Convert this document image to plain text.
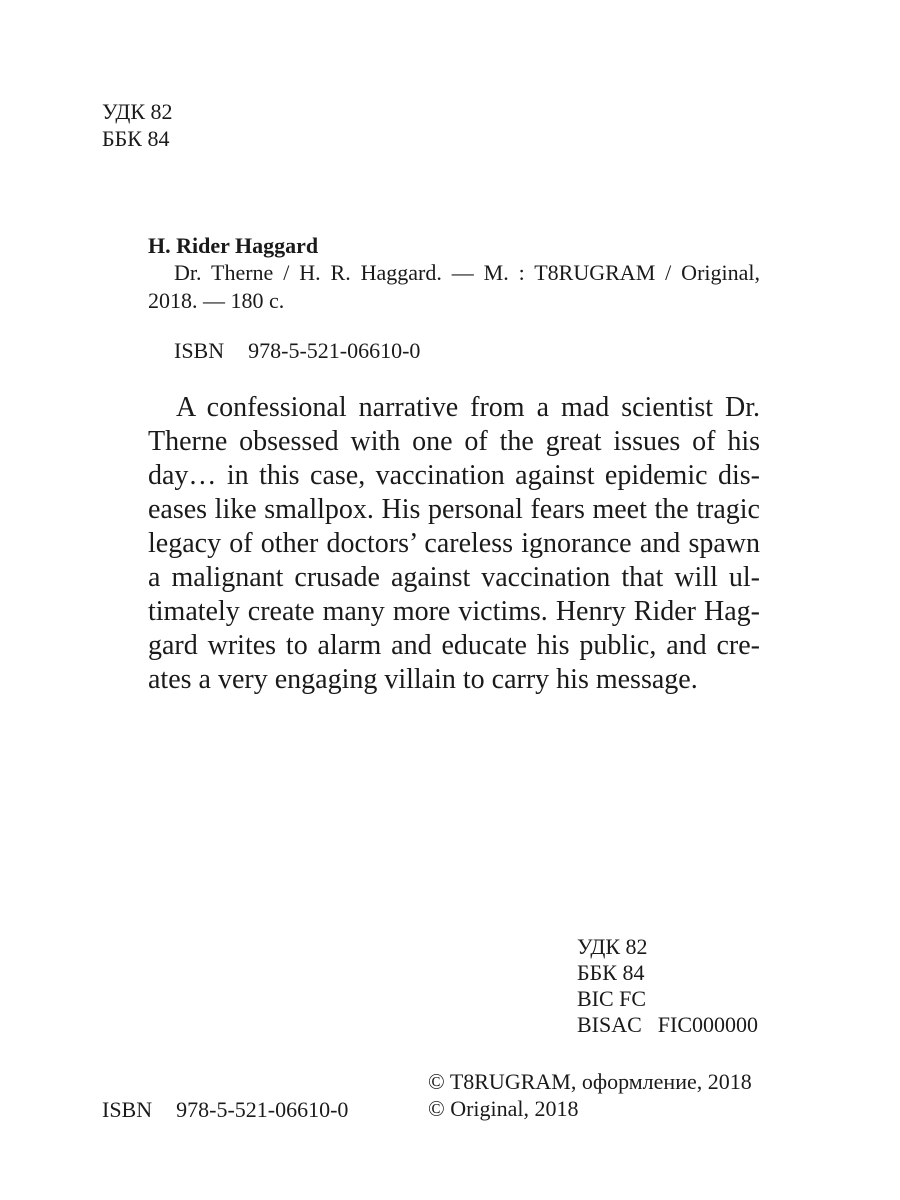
УДК 82
ББК 84

H. Rider Haggard

Dr. Therne / H. R. Haggard. — M. : T8RUGRAM / Original, 2018. — 180 c.

ISBN 978-5-521-06610-0

A confessional narrative from a mad scientist Dr. Therne obsessed with one of the great issues of his day… in this case, vaccination against epidemic diseases like smallpox. His personal fears meet the tragic legacy of other doctors’ careless ignorance and spawn a malignant crusade against vaccination that will ultimately create many more victims. Henry Rider Haggard writes to alarm and educate his public, and creates a very engaging villain to carry his message.

УДК 82
ББК 84
BIC FC
BISAC FIC000000

ISBN 978-5-521-06610-0

© T8RUGRAM, оформление, 2018
© Original, 2018
